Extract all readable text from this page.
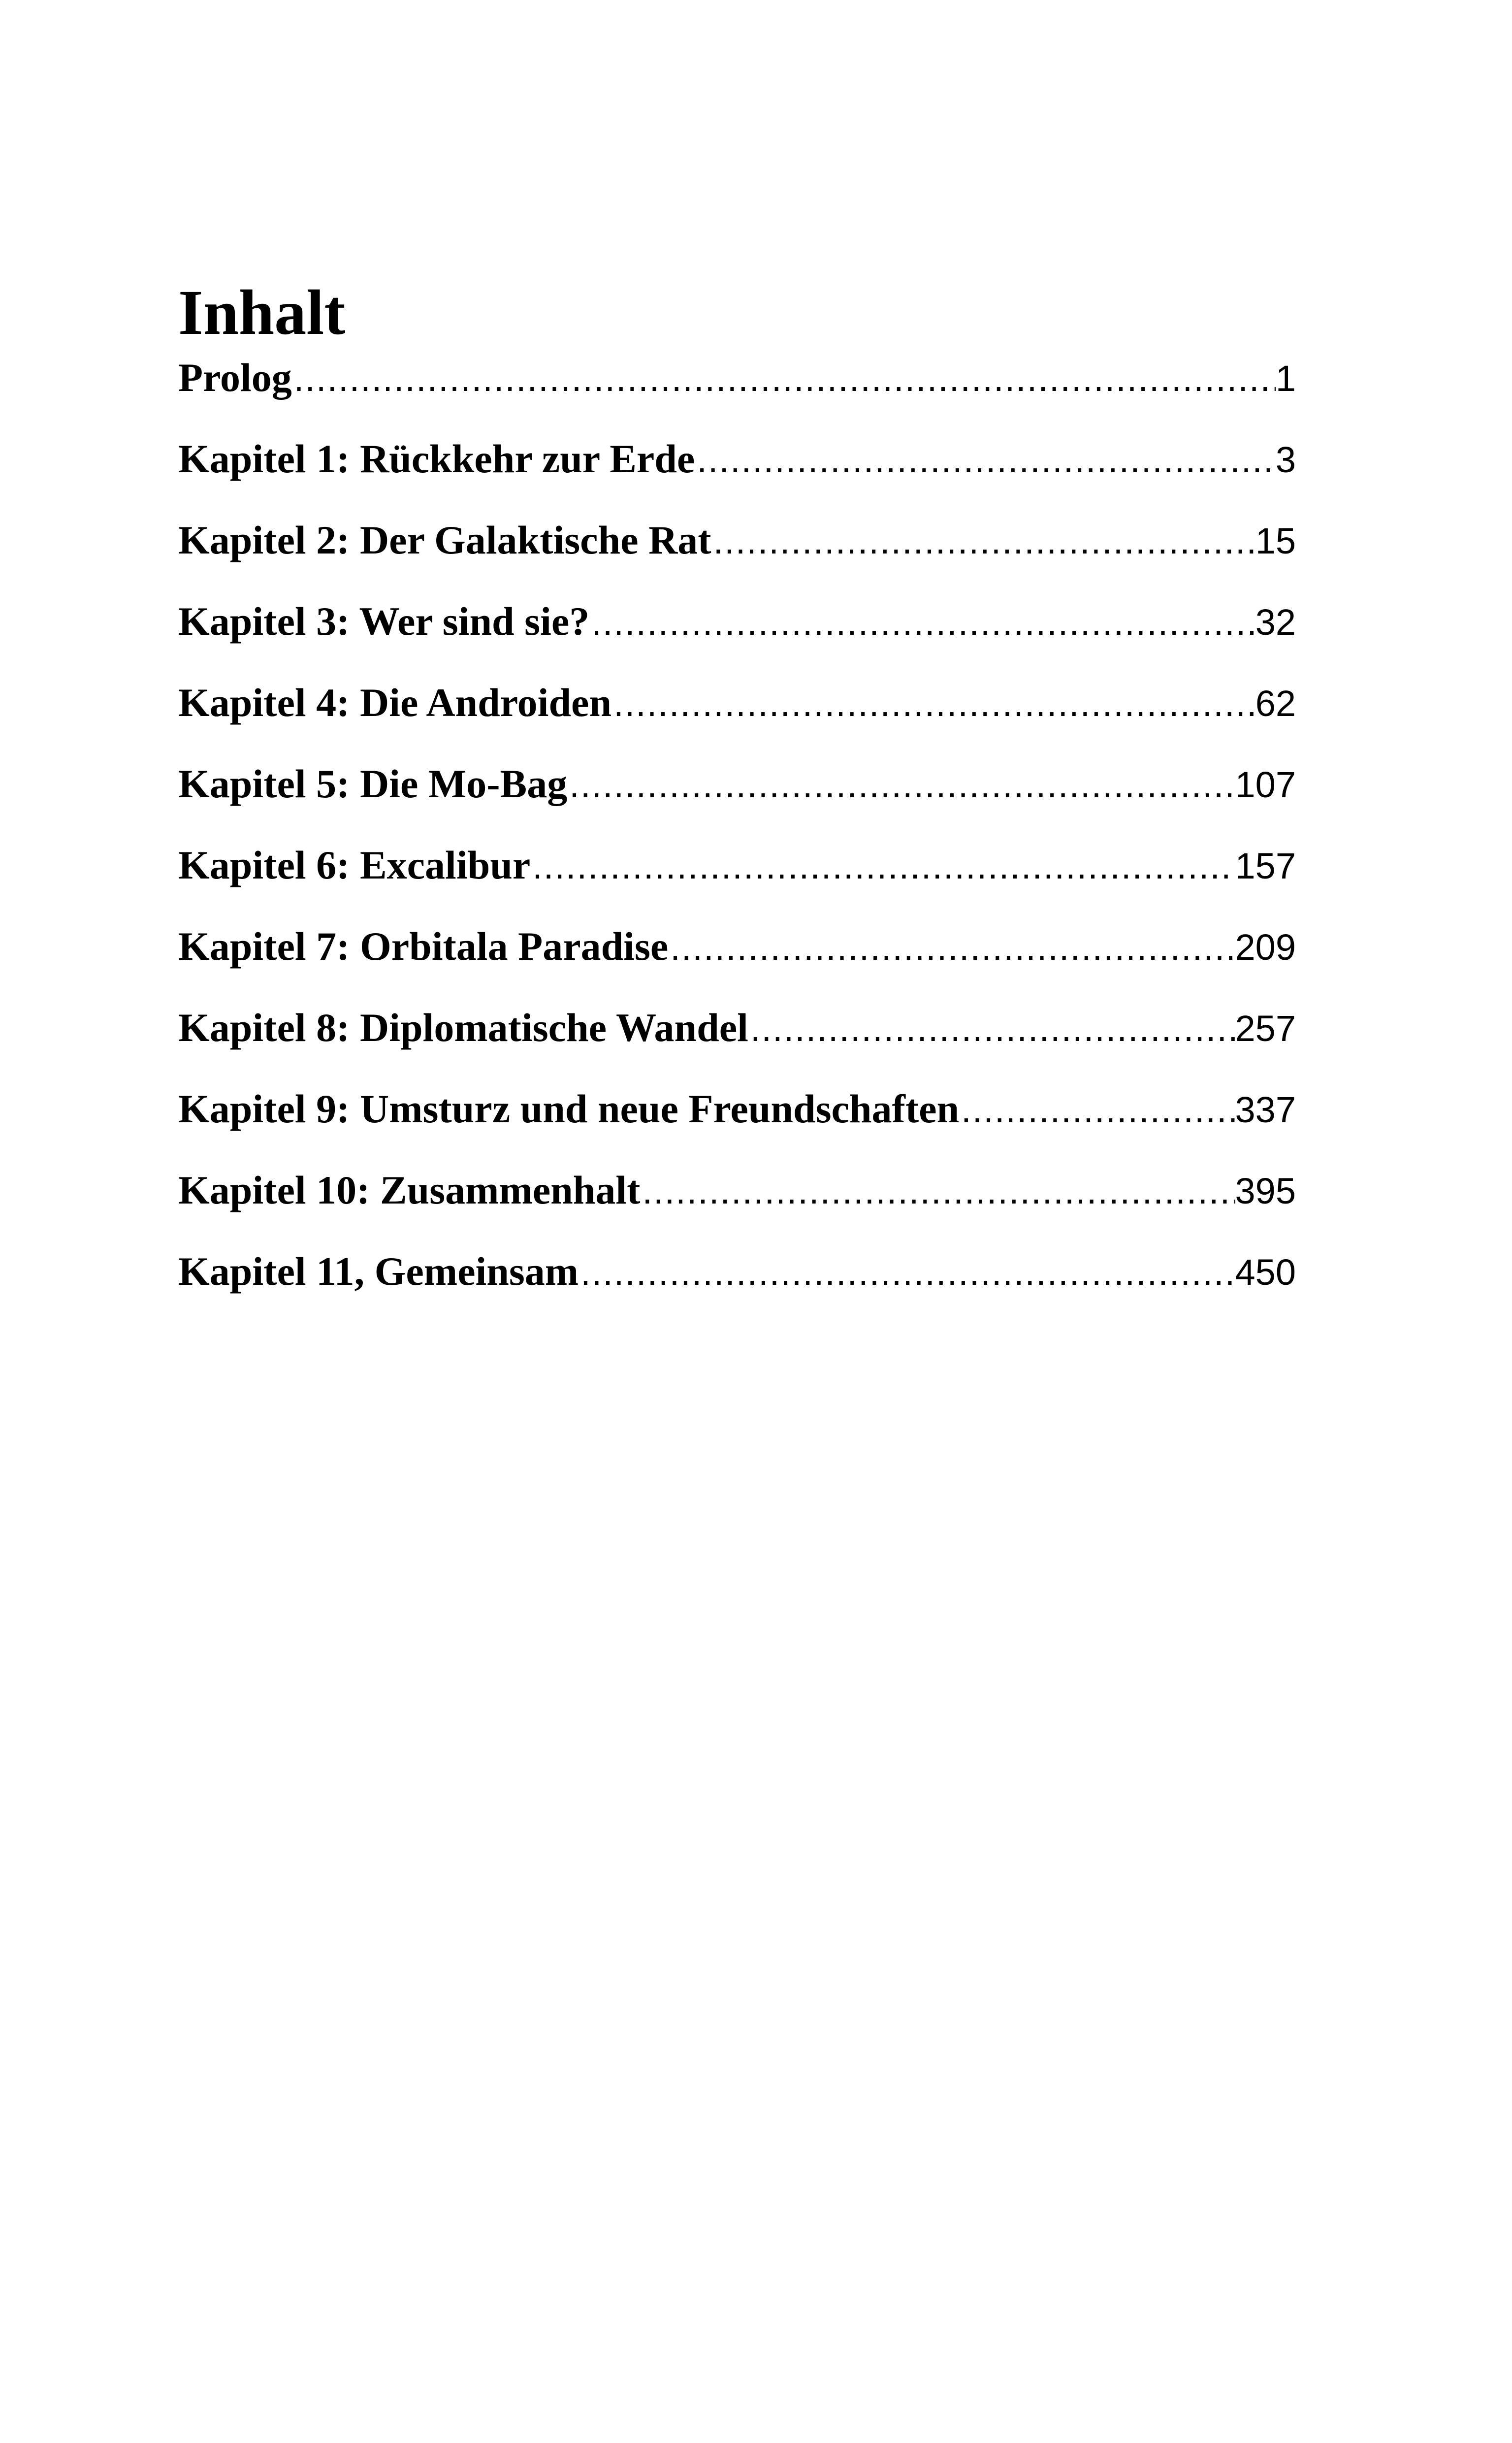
Inhalt
Prolog .....	1
Kapitel 1: Rückkehr zur Erde .....	3
Kapitel 2: Der Galaktische Rat .....	15
Kapitel 3: Wer sind sie? .....	32
Kapitel 4: Die Androiden .....	62
Kapitel 5: Die Mo-Bag .....	107
Kapitel 6: Excalibur .....	157
Kapitel 7: Orbitala Paradise .....	209
Kapitel 8: Diplomatische Wandel .....	257
Kapitel 9: Umsturz und neue Freundschaften .....	337
Kapitel 10: Zusammenhalt .....	395
Kapitel 11, Gemeinsam .....	450
